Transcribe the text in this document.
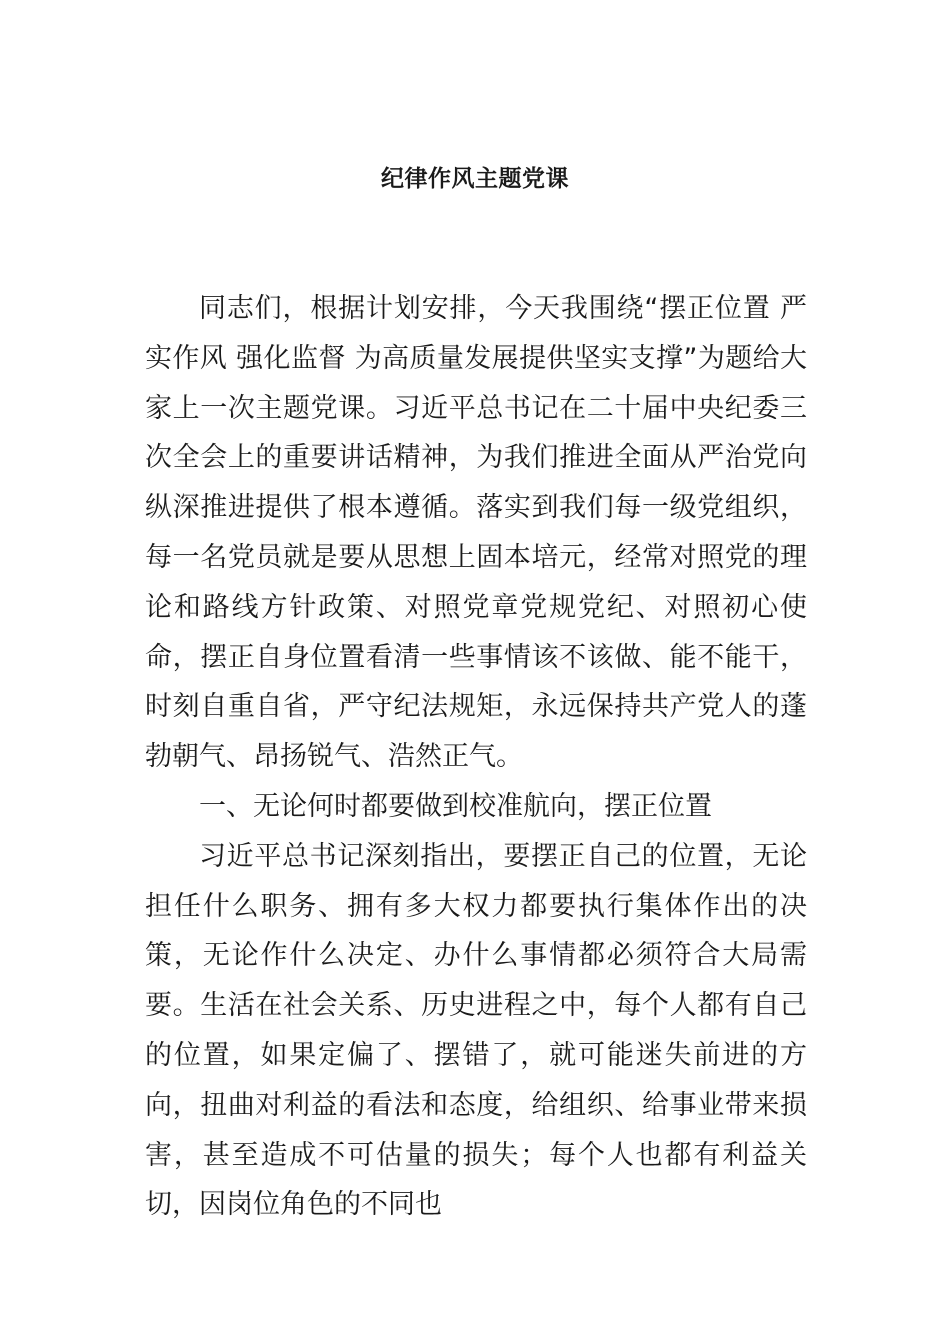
纪律作风主题党课

同志们，根据计划安排，今天我围绕“摆正位置 严实作风 强化监督 为高质量发展提供坚实支撑”为题给大家上一次主题党课。习近平总书记在二十届中央纪委三次全会上的重要讲话精神，为我们推进全面从严治党向纵深推进提供了根本遵循。落实到我们每一级党组织，每一名党员就是要从思想上固本培元，经常对照党的理论和路线方针政策、对照党章党规党纪、对照初心使命，摆正自身位置看清一些事情该不该做、能不能干，时刻自重自省，严守纪法规矩，永远保持共产党人的蓬勃朝气、昂扬锐气、浩然正气。

一、无论何时都要做到校准航向，摆正位置

习近平总书记深刻指出，要摆正自己的位置，无论担任什么职务、拥有多大权力都要执行集体作出的决策，无论作什么决定、办什么事情都必须符合大局需要。生活在社会关系、历史进程之中，每个人都有自己的位置，如果定偏了、摆错了，就可能迷失前进的方向，扭曲对利益的看法和态度，给组织、给事业带来损害，甚至造成不可估量的损失；每个人也都有利益关切，因岗位角色的不同也
